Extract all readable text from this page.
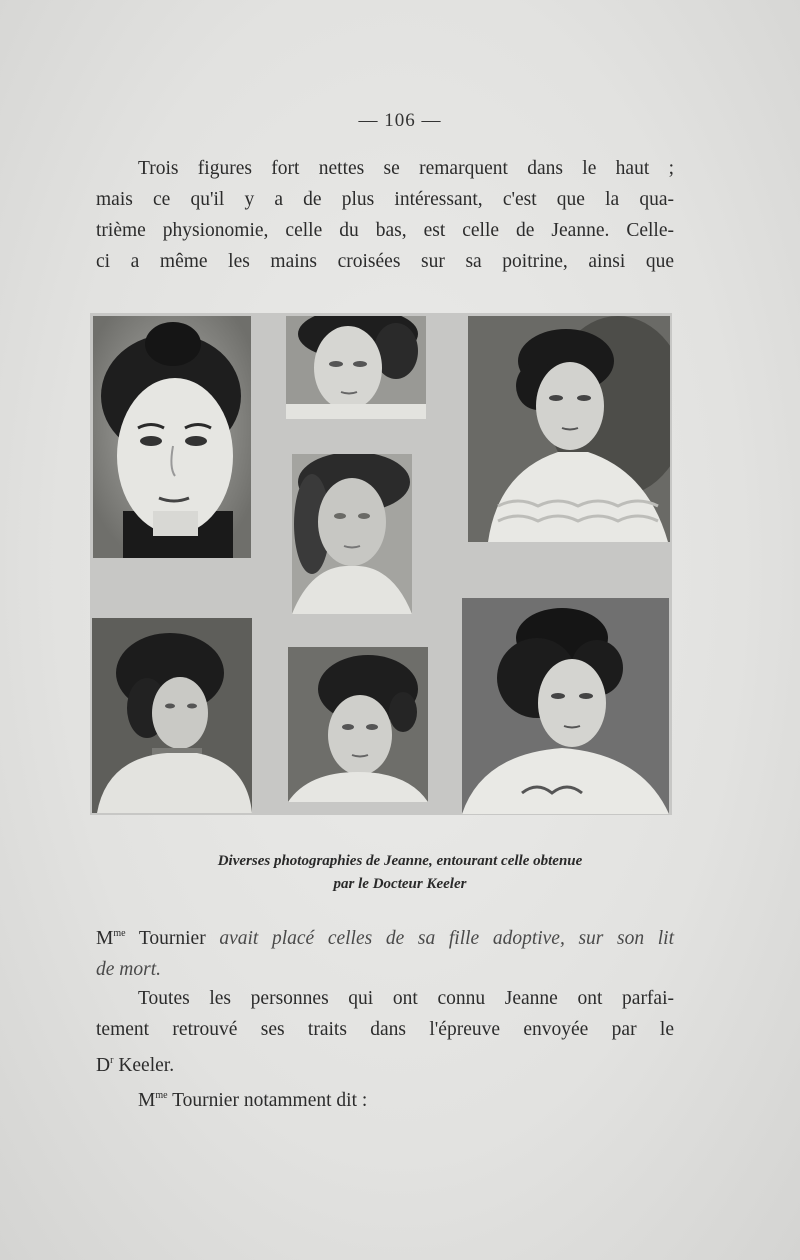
— 106 —
Trois figures fort nettes se remarquent dans le haut ;
mais ce qu'il y a de plus intéressant, c'est que la qua-
trième physionomie, celle du bas, est celle de Jeanne. Celle-
ci a même les mains croisées sur sa poitrine, ainsi que
Diverses photographies de Jeanne, entourant celle obtenue
par le Docteur Keeler
$M^{me}$ Tournier avait placé celles de sa fille adoptive, sur son lit
de mort.
Toutes les personnes qui ont connu Jeanne ont parfai-
tement retrouvé ses traits dans l'épreuve envoyée par le
$D^r$ Keeler.
$M^{me}$ Tournier notamment dit :
